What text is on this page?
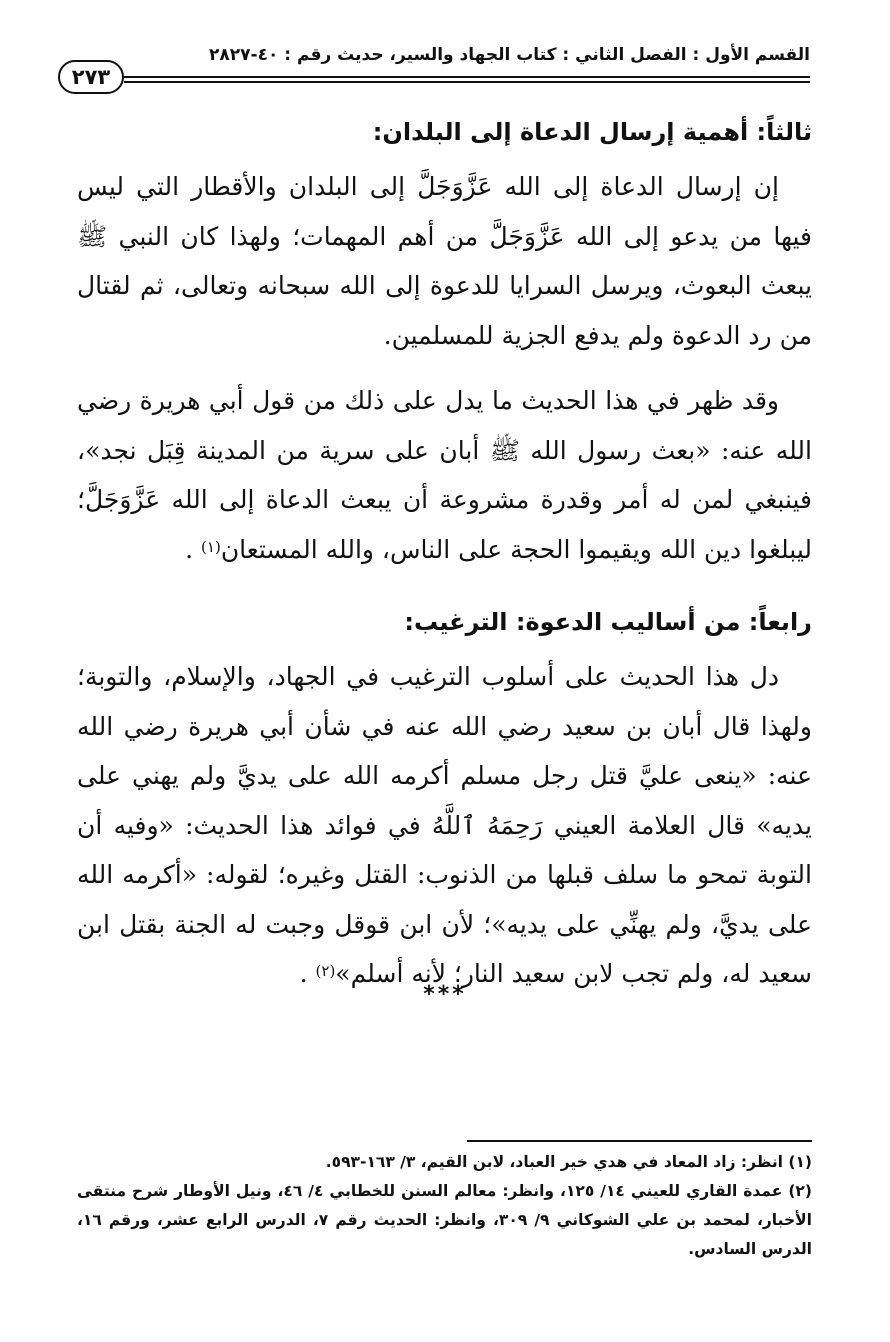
القسم الأول : الفصل الثاني : كتاب الجهاد والسير، حديث رقم : ٤٠-٢٨٢٧
٢٧٣
ثالثاً: أهمية إرسال الدعاة إلى البلدان:

إن إرسال الدعاة إلى الله عَزَّوَجَلَّ إلى البلدان والأقطار التي ليس فيها من يدعو إلى الله عَزَّوَجَلَّ من أهم المهمات؛ ولهذا كان النبي ﷺ يبعث البعوث، ويرسل السرايا للدعوة إلى الله سبحانه وتعالى، ثم لقتال من رد الدعوة ولم يدفع الجزية للمسلمين.

وقد ظهر في هذا الحديث ما يدل على ذلك من قول أبي هريرة رضي الله عنه: «بعث رسول الله ﷺ أبان على سرية من المدينة قِبَل نجد»، فينبغي لمن له أمر وقدرة مشروعة أن يبعث الدعاة إلى الله عَزَّوَجَلَّ؛ ليبلغوا دين الله ويقيموا الحجة على الناس، والله المستعان$^{(١)}$ .

رابعاً: من أساليب الدعوة: الترغيب:

دل هذا الحديث على أسلوب الترغيب في الجهاد، والإسلام، والتوبة؛ ولهذا قال أبان بن سعيد رضي الله عنه في شأن أبي هريرة رضي الله عنه: «ينعى عليَّ قتل رجل مسلم أكرمه الله على يديَّ ولم يهني على يديه» قال العلامة العيني رَحِمَهُ ٱللَّهُ في فوائد هذا الحديث: «وفيه أن التوبة تمحو ما سلف قبلها من الذنوب: القتل وغيره؛ لقوله: «أكرمه الله على يديَّ، ولم يهنِّي على يديه»؛ لأن ابن قوقل وجبت له الجنة بقتل ابن سعيد له، ولم تجب لابن سعيد النار؛ لأنه أسلم»$^{(٢)}$ .

***

(١) انظر: زاد المعاد في هدي خير العباد، لابن القيم، ٣/ ١٦٣-٥٩٣.

(٢) عمدة القاري للعيني ١٤/ ١٢٥، وانظر: معالم السنن للخطابي ٤/ ٤٦، ونيل الأوطار شرح منتقى الأخبار، لمحمد بن علي الشوكاني ٩/ ٣٠٩، وانظر: الحديث رقم ٧، الدرس الرابع عشر، ورقم ١٦، الدرس السادس.
